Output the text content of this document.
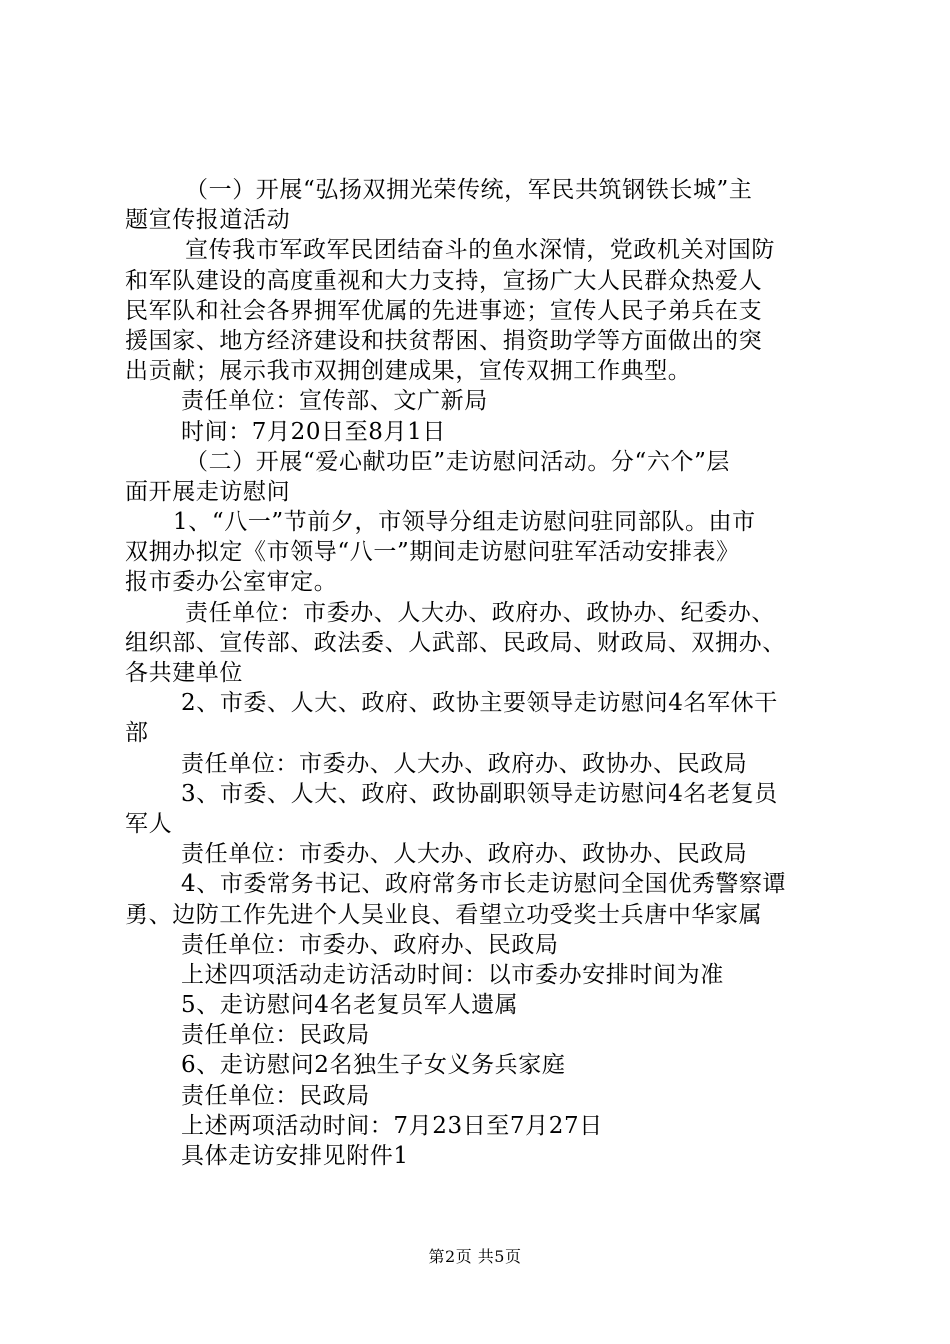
（一）开展“弘扬双拥光荣传统，军民共筑钢铁长城”主
题宣传报道活动
宣传我市军政军民团结奋斗的鱼水深情，党政机关对国防
和军队建设的高度重视和大力支持，宣扬广大人民群众热爱人
民军队和社会各界拥军优属的先进事迹；宣传人民子弟兵在支
援国家、地方经济建设和扶贫帮困、捐资助学等方面做出的突
出贡献；展示我市双拥创建成果，宣传双拥工作典型。
责任单位：宣传部、文广新局
时间：7月20日至8月1日
（二）开展“爱心献功臣”走访慰问活动。分“六个”层
面开展走访慰问
1、“八一”节前夕，市领导分组走访慰问驻同部队。由市
双拥办拟定《市领导“八一”期间走访慰问驻军活动安排表》
报市委办公室审定。
责任单位：市委办、人大办、政府办、政协办、纪委办、
组织部、宣传部、政法委、人武部、民政局、财政局、双拥办、
各共建单位
2、市委、人大、政府、政协主要领导走访慰问4名军休干
部
责任单位：市委办、人大办、政府办、政协办、民政局
3、市委、人大、政府、政协副职领导走访慰问4名老复员
军人
责任单位：市委办、人大办、政府办、政协办、民政局
4、市委常务书记、政府常务市长走访慰问全国优秀警察谭
勇、边防工作先进个人吴业良、看望立功受奖士兵唐中华家属
责任单位：市委办、政府办、民政局
上述四项活动走访活动时间：以市委办安排时间为准
5、走访慰问4名老复员军人遗属
责任单位：民政局
6、走访慰问2名独生子女义务兵家庭
责任单位：民政局
上述两项活动时间：7月23日至7月27日
具体走访安排见附件1
第2页 共5页
